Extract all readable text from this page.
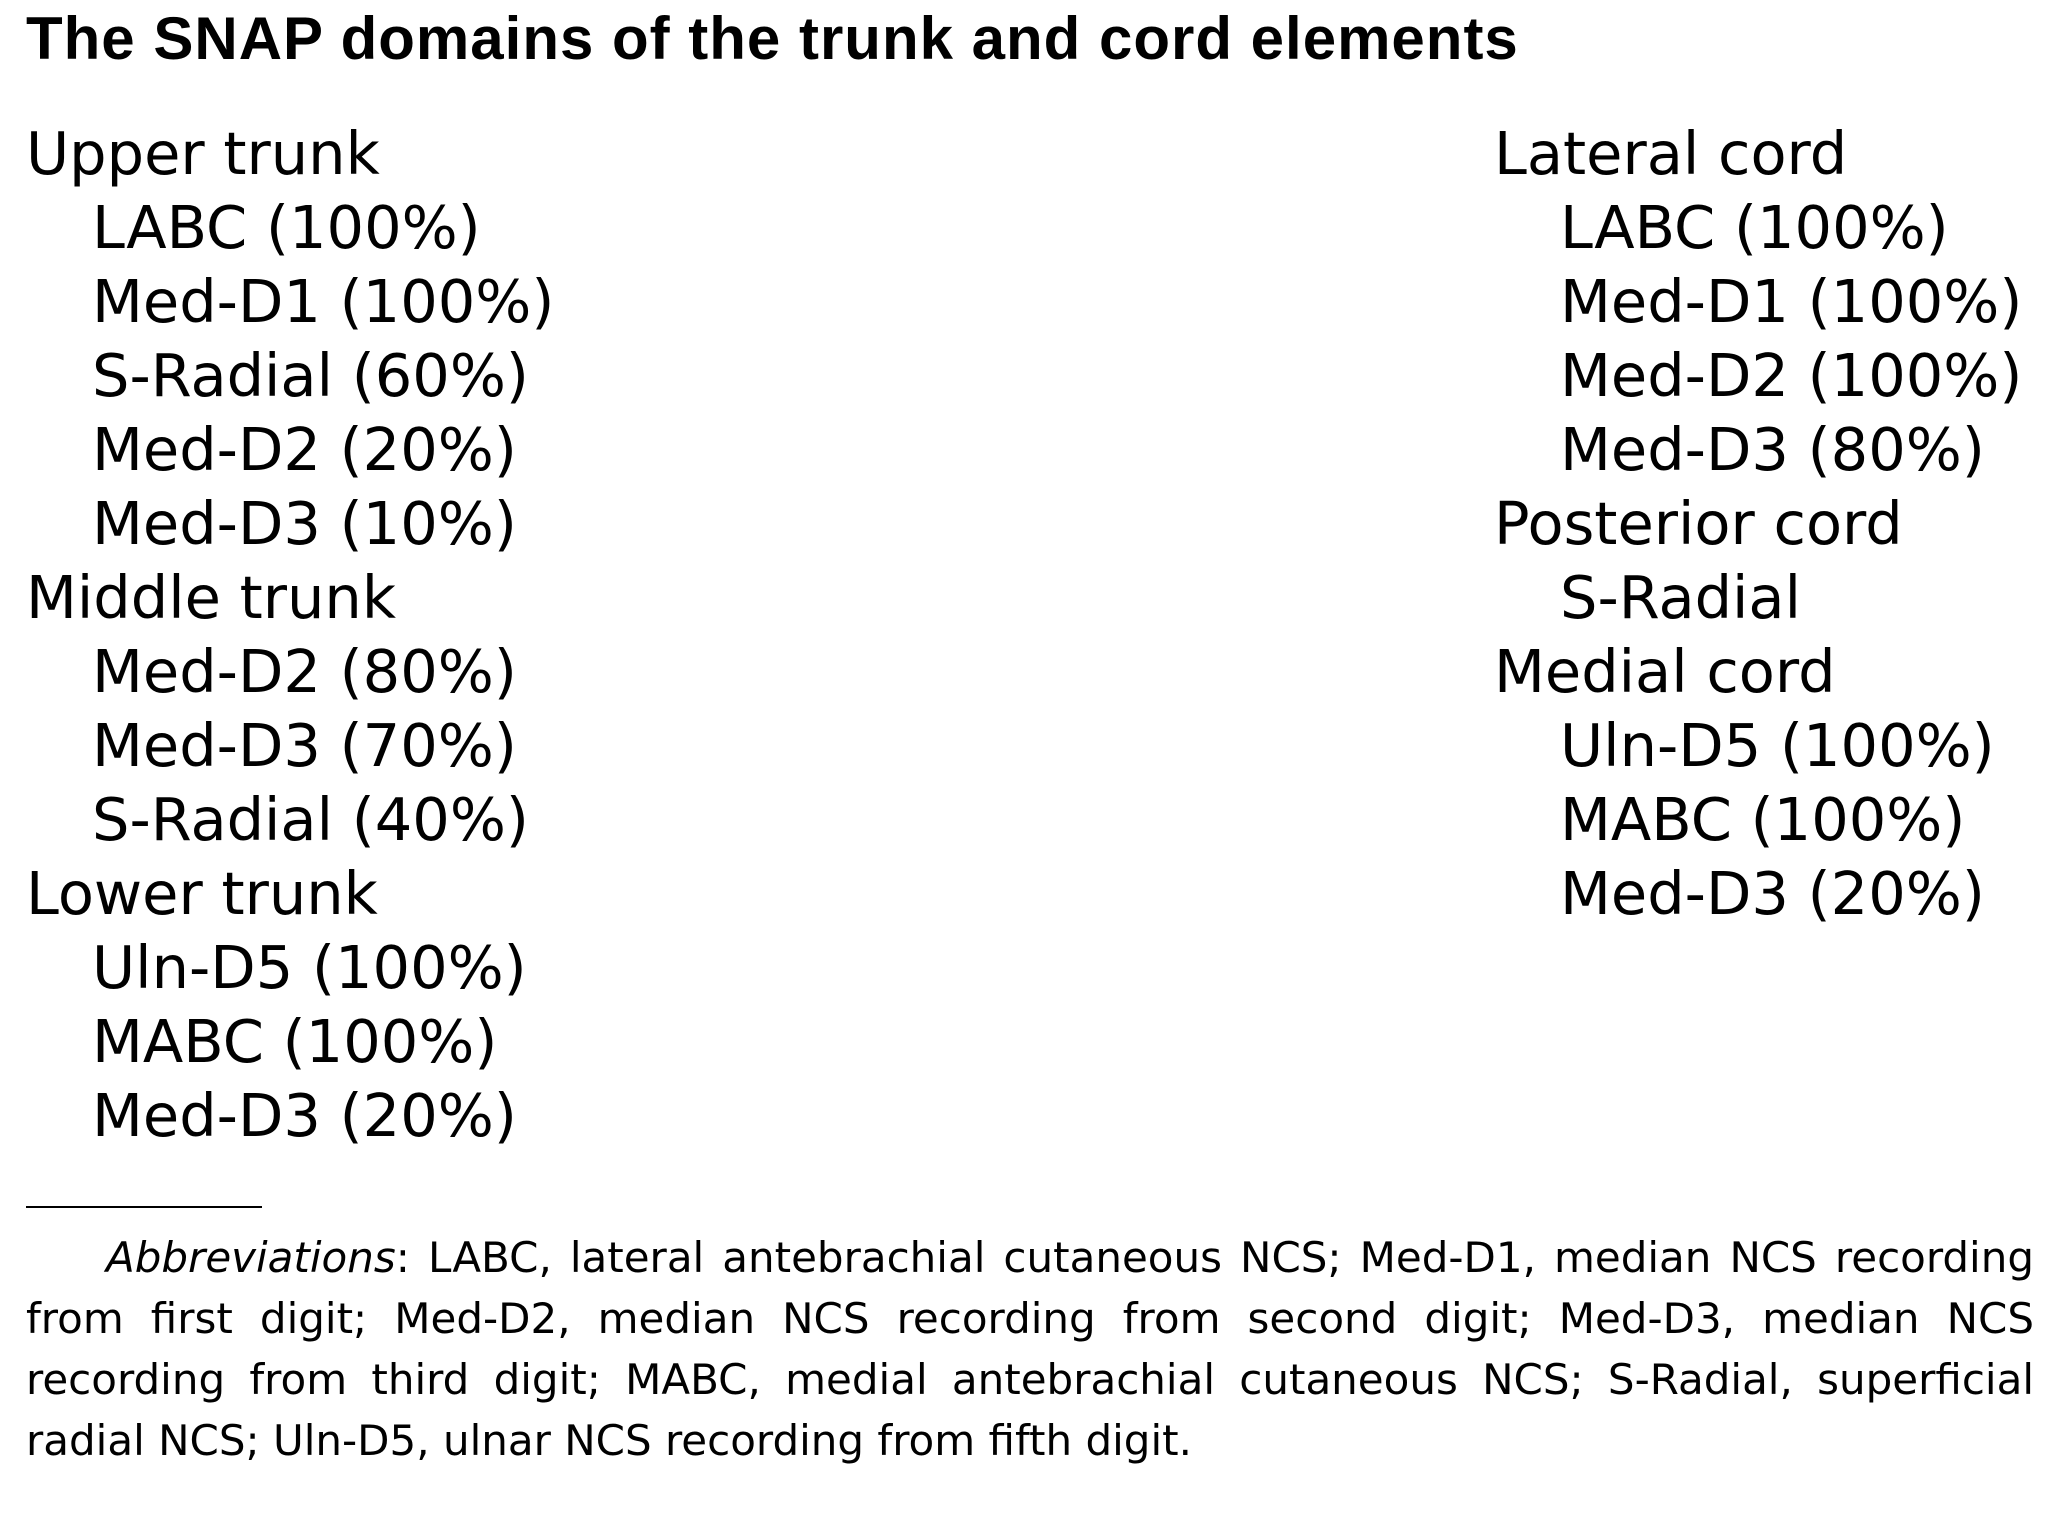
The SNAP domains of the trunk and cord elements
Upper trunk
LABC (100%)
Med-D1 (100%)
S-Radial (60%)
Med-D2 (20%)
Med-D3 (10%)
Middle trunk
Med-D2 (80%)
Med-D3 (70%)
S-Radial (40%)
Lower trunk
Uln-D5 (100%)
MABC (100%)
Med-D3 (20%)
Lateral cord
LABC (100%)
Med-D1 (100%)
Med-D2 (100%)
Med-D3 (80%)
Posterior cord
S-Radial
Medial cord
Uln-D5 (100%)
MABC (100%)
Med-D3 (20%)

Abbreviations: LABC, lateral antebrachial cutaneous NCS; Med-D1, median NCS recording from first digit; Med-D2, median NCS recording from second digit; Med-D3, median NCS recording from third digit; MABC, medial antebrachial cutaneous NCS; S-Radial, superficial radial NCS; Uln-D5, ulnar NCS recording from fifth digit.
